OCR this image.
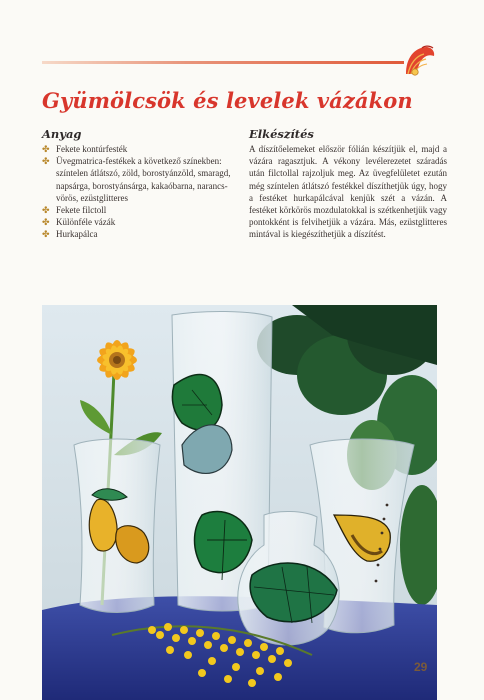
Gyümölcsök és levelek vázákon
Anyag
✤ Fekete kontúrfesték
✤ Üvegmatrica-festékek a következő színekben: színtelen átlátszó, zöld, borostyánzöld, smaragd, napsárga, borostyánsárga, kakaóbarna, narancs-vörös, ezüstglitteres
✤ Fekete filctoll
✤ Különféle vázák
✤ Hurkapálca
Elkészítés

A díszítőelemeket először fólián készítjük el, majd a vázára ragasztjuk. A vékony levélerezetet száradás után filctollal rajzoljuk meg. Az üvegfelületet ezután még színtelen átlátszó festékkel díszíthetjük úgy, hogy a festéket hurkapálcával kenjük szét a vázán. A festéket körkörös mozdulatokkal is szétkenhetjük vagy pontokként is felvihetjük a vázára. Más, ezüstglitteres mintával is kiegészíthetjük a díszítést.

29
